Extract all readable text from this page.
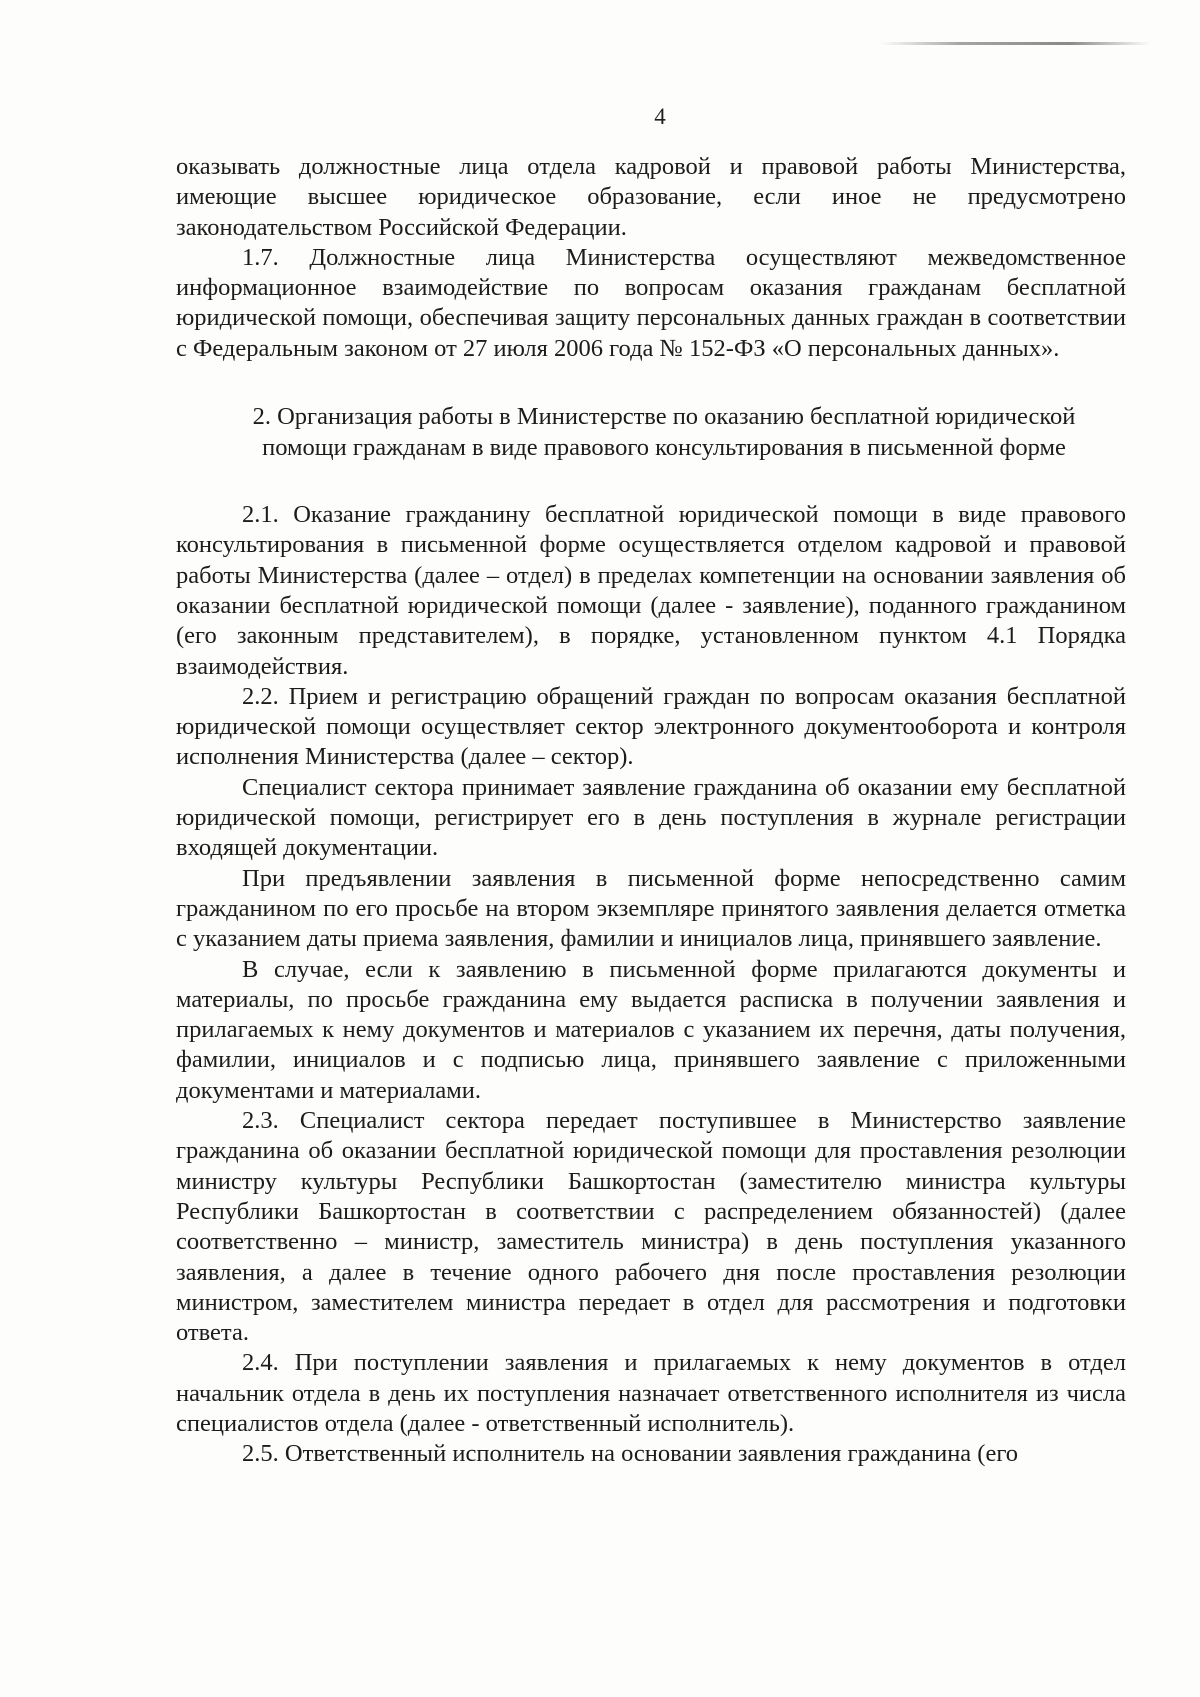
4

оказывать должностные лица отдела кадровой и правовой работы Министерства, имеющие высшее юридическое образование, если иное не предусмотрено законодательством Российской Федерации.

1.7. Должностные лица Министерства осуществляют межведомственное информационное взаимодействие по вопросам оказания гражданам бесплатной юридической помощи, обеспечивая защиту персональных данных граждан в соответствии с Федеральным законом от 27 июля 2006 года № 152-ФЗ «О персональных данных».

2. Организация работы в Министерстве по оказанию бесплатной юридической помощи гражданам в виде правового консультирования в письменной форме

2.1. Оказание гражданину бесплатной юридической помощи в виде правового консультирования в письменной форме осуществляется отделом кадровой и правовой работы Министерства (далее – отдел) в пределах компетенции на основании заявления об оказании бесплатной юридической помощи (далее - заявление), поданного гражданином (его законным представителем), в порядке, установленном пунктом 4.1 Порядка взаимодействия.

2.2. Прием и регистрацию обращений граждан по вопросам оказания бесплатной юридической помощи осуществляет сектор электронного документооборота и контроля исполнения Министерства (далее – сектор).

Специалист сектора принимает заявление гражданина об оказании ему бесплатной юридической помощи, регистрирует его в день поступления в журнале регистрации входящей документации.

При предъявлении заявления в письменной форме непосредственно самим гражданином по его просьбе на втором экземпляре принятого заявления делается отметка с указанием даты приема заявления, фамилии и инициалов лица, принявшего заявление.

В случае, если к заявлению в письменной форме прилагаются документы и материалы, по просьбе гражданина ему выдается расписка в получении заявления и прилагаемых к нему документов и материалов с указанием их перечня, даты получения, фамилии, инициалов и с подписью лица, принявшего заявление с приложенными документами и материалами.

2.3. Специалист сектора передает поступившее в Министерство заявление гражданина об оказании бесплатной юридической помощи для проставления резолюции министру культуры Республики Башкортостан (заместителю министра культуры Республики Башкортостан в соответствии с распределением обязанностей) (далее соответственно – министр, заместитель министра) в день поступления указанного заявления, а далее в течение одного рабочего дня после проставления резолюции министром, заместителем министра передает в отдел для рассмотрения и подготовки ответа.

2.4. При поступлении заявления и прилагаемых к нему документов в отдел начальник отдела в день их поступления назначает ответственного исполнителя из числа специалистов отдела (далее - ответственный исполнитель).

2.5. Ответственный исполнитель на основании заявления гражданина (его
